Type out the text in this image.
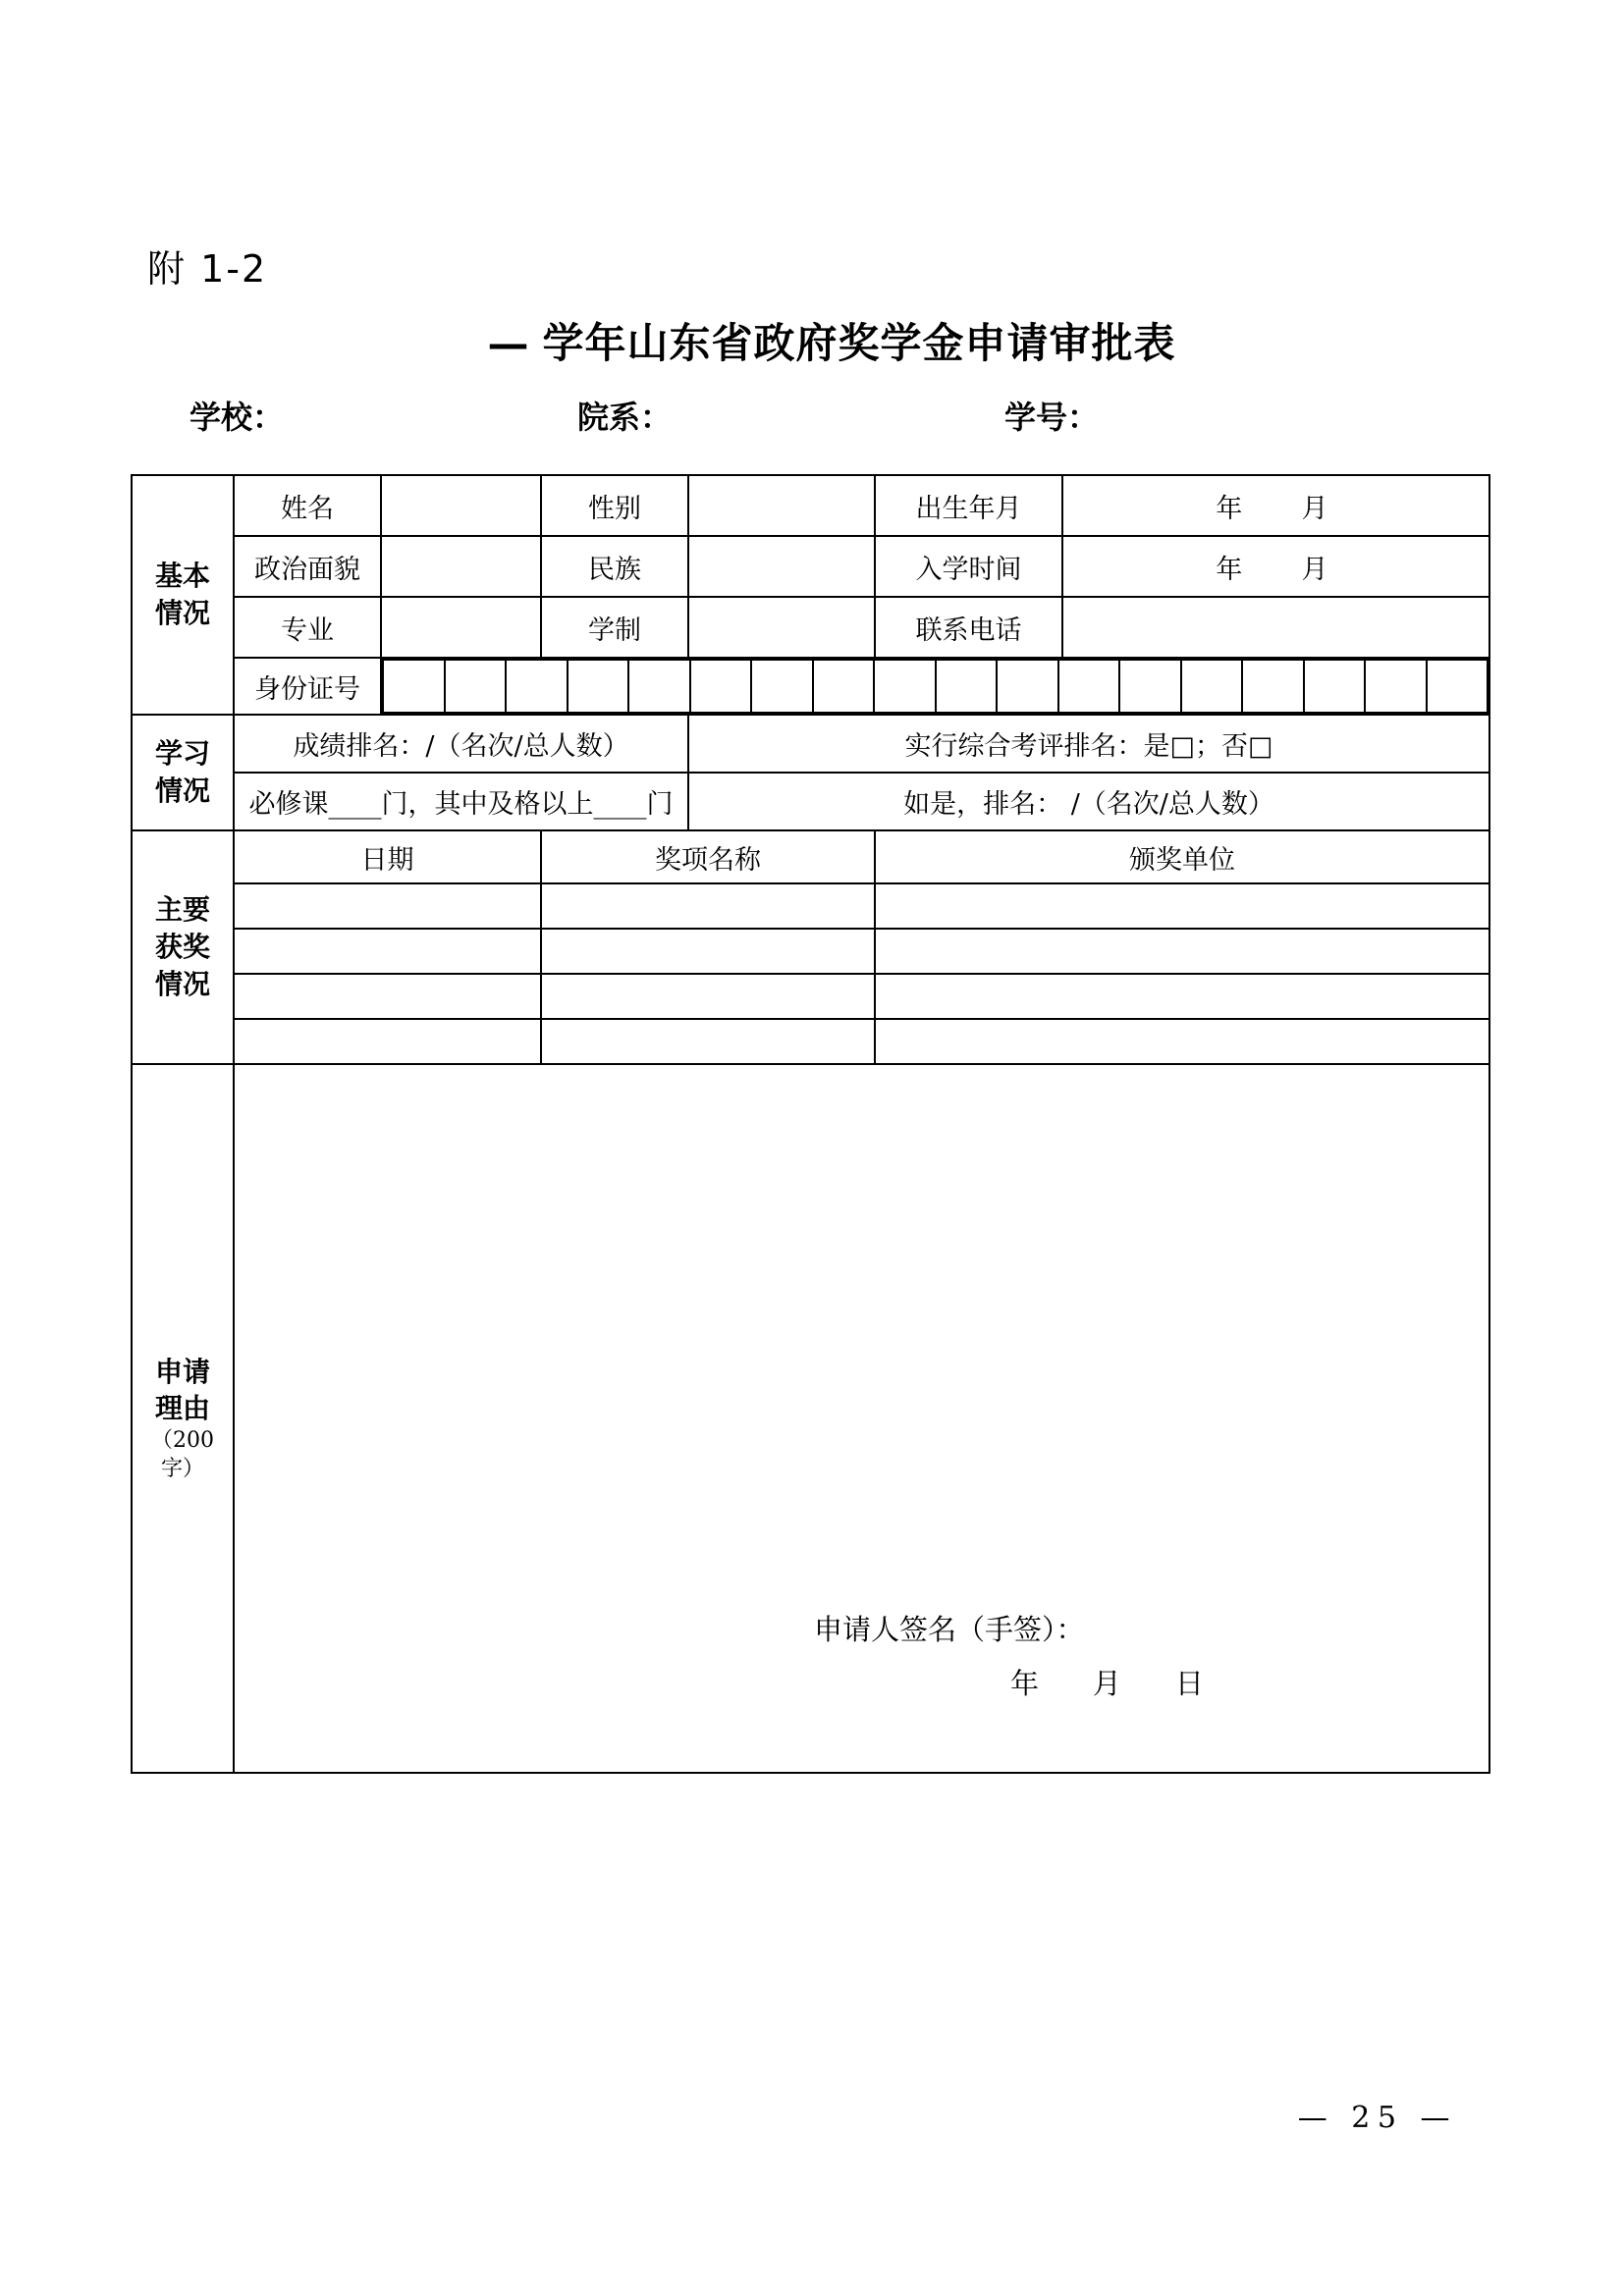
附 1-2
—学年山东省政府奖学金申请审批表
学校：	院系：	学号：
基本
情况	姓名		性别		出生年月	年 月
政治面貌		民族		入学时间	年 月
专业		学制		联系电话	
身份证号	

学习
情况	成绩排名：/（名次/总人数）	实行综合考评排名：是□；否□
必修课____门，其中及格以上____门	如是，排名： /（名次/总人数）
主要
获奖
情况	日期	奖项名称	颁奖单位

申请
理由
（200字）

申请人签名（手签）：
年 月 日
— 25 —
